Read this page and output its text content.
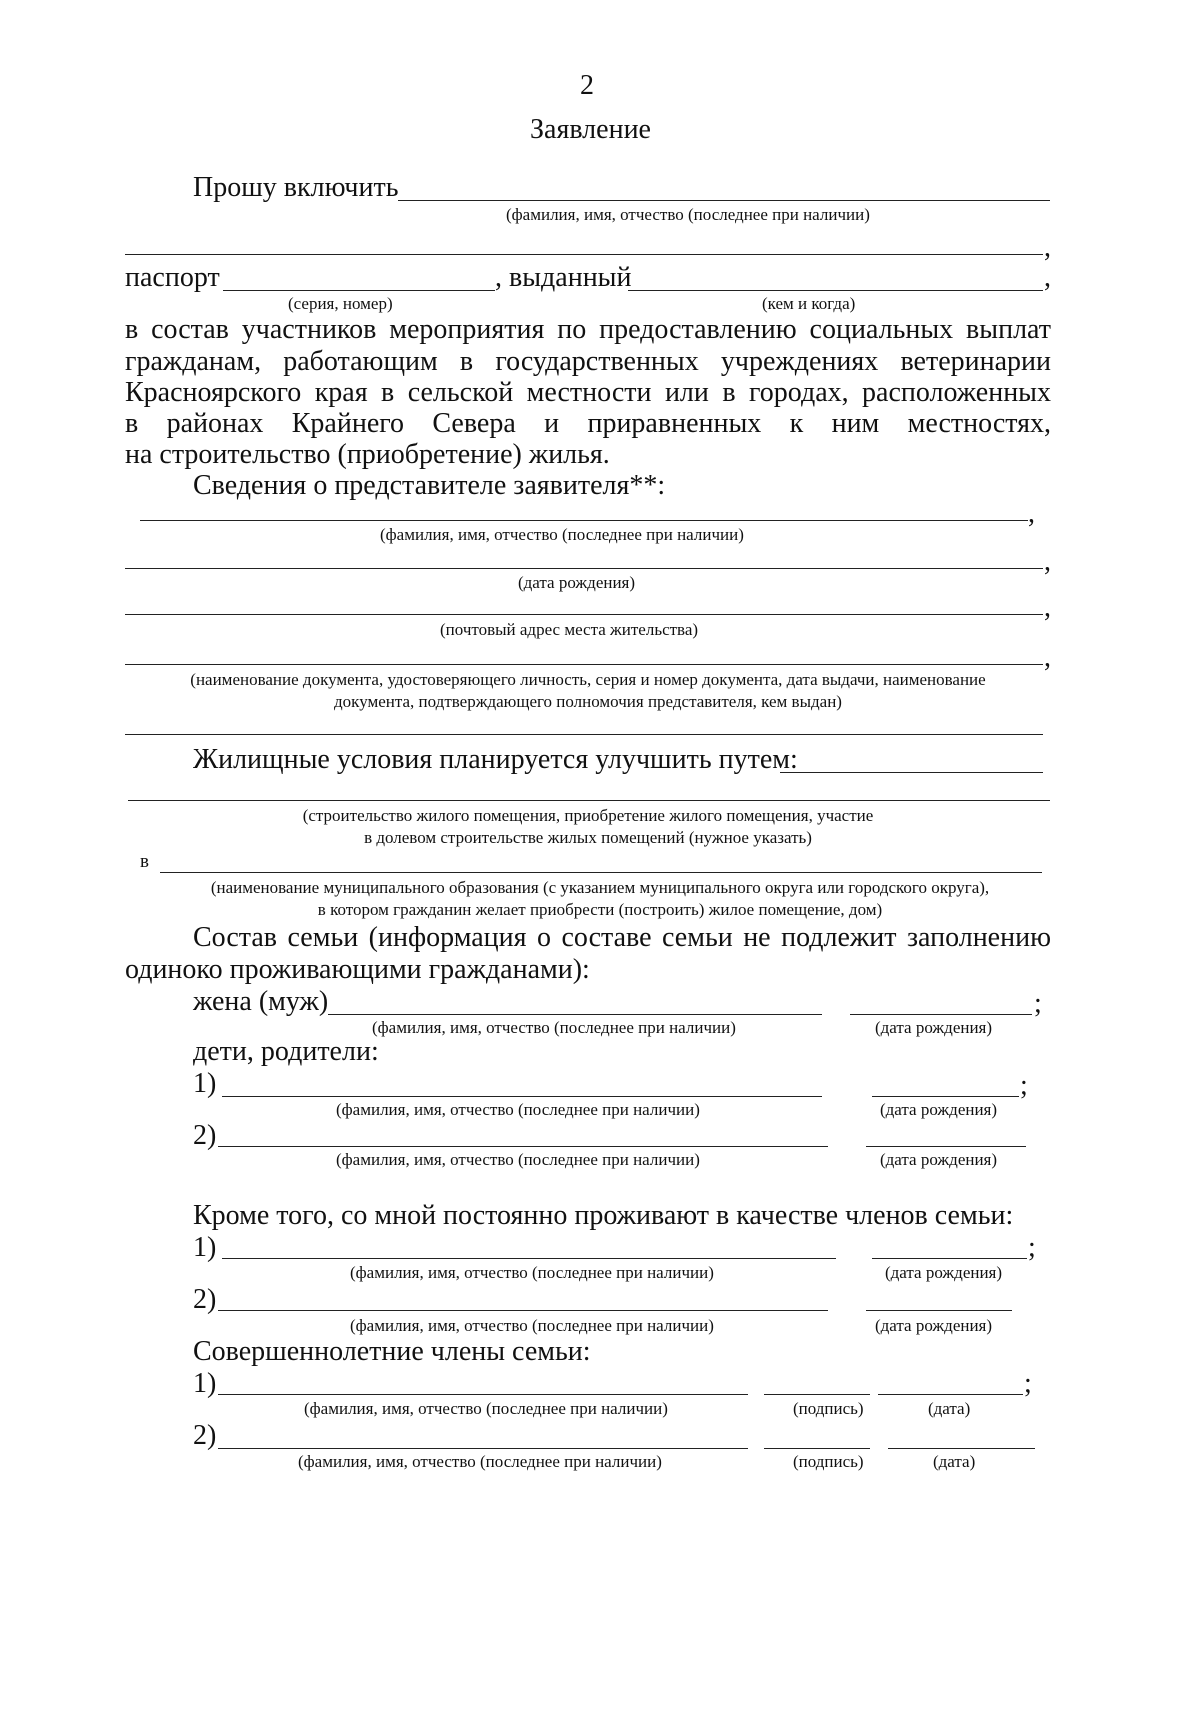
2
Заявление
Прошу включить
(фамилия, имя, отчество (последнее при наличии)
,
паспорт	, выданный	,
(серия, номер)	(кем и когда)
в состав участников мероприятия по предоставлению социальных выплат
гражданам, работающим в государственных учреждениях ветеринарии
Красноярского края в сельской местности или в городах, расположенных
в районах Крайнего Севера и приравненных к ним местностях,
на строительство (приобретение) жилья.
Сведения о представителе заявителя**:
,
(фамилия, имя, отчество (последнее при наличии)
,
(дата рождения)
,
(почтовый адрес места жительства)
,
(наименование документа, удостоверяющего личность, серия и номер документа, дата выдачи, наименование
документа, подтверждающего полномочия представителя, кем выдан)
Жилищные условия планируется улучшить путем:
(строительство жилого помещения, приобретение жилого помещения, участие
в долевом строительстве жилых помещений (нужное указать)
в
(наименование муниципального образования (с указанием муниципального округа или городского округа),
в котором гражданин желает приобрести (построить) жилое помещение, дом)
Состав семьи (информация о составе семьи не подлежит заполнению
одиноко проживающими гражданами):
жена (муж)	;
(фамилия, имя, отчество (последнее при наличии)	(дата рождения)
дети, родители:
1)	;
(фамилия, имя, отчество (последнее при наличии)	(дата рождения)
2)
(фамилия, имя, отчество (последнее при наличии)	(дата рождения)
Кроме того, со мной постоянно проживают в качестве членов семьи:
1)	;
(фамилия, имя, отчество (последнее при наличии)	(дата рождения)
2)
(фамилия, имя, отчество (последнее при наличии)	(дата рождения)
Совершеннолетние члены семьи:
1)	;
(фамилия, имя, отчество (последнее при наличии)	(подпись)	(дата)
2)
(фамилия, имя, отчество (последнее при наличии)	(подпись)	(дата)
